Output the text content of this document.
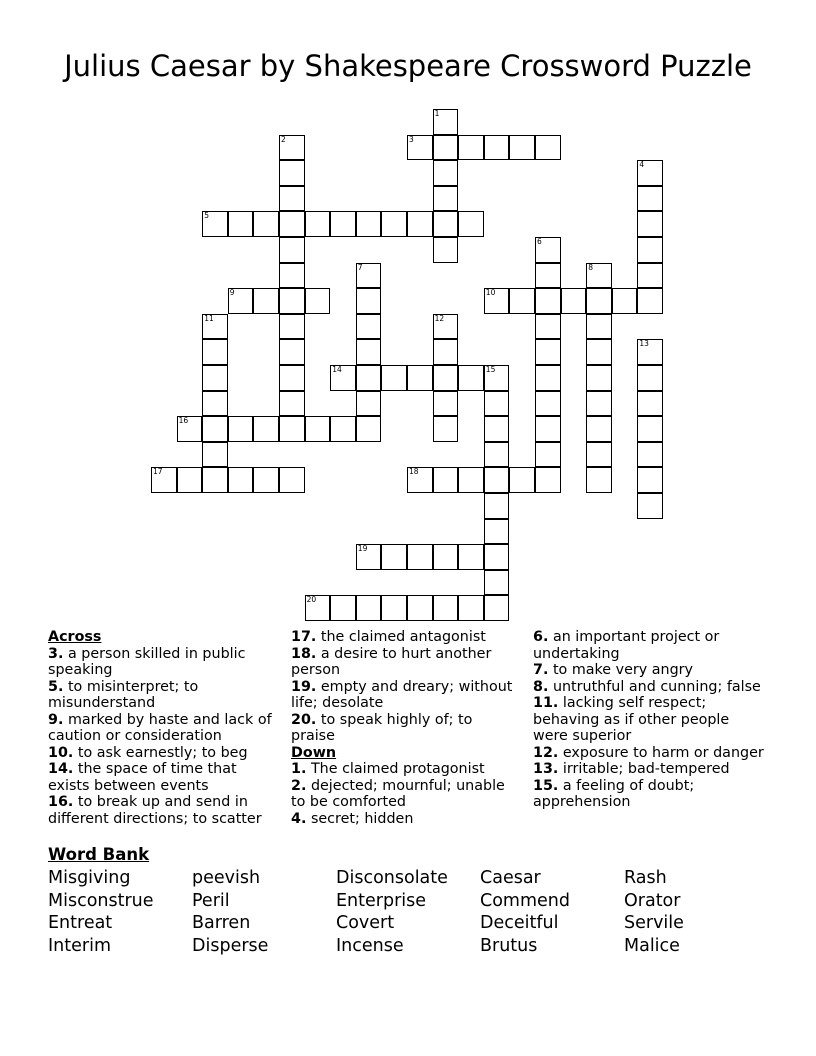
Julius Caesar by Shakespeare Crossword Puzzle
1
2	3
4
5
6
7	8
9	10
11	12
13
14	15
16
17	18
19
20
Across
3. a person skilled in public speaking
5. to misinterpret; to misunderstand
9. marked by haste and lack of caution or consideration
10. to ask earnestly; to beg
14. the space of time that exists between events
16. to break up and send in different directions; to scatter
17. the claimed antagonist
18. a desire to hurt another person
19. empty and dreary; without life; desolate
20. to speak highly of; to praise
Down
1. The claimed protagonist
2. dejected; mournful; unable to be comforted
4. secret; hidden
6. an important project or undertaking
7. to make very angry
8. untruthful and cunning; false
11. lacking self respect; behaving as if other people were superior
12. exposure to harm or danger
13. irritable; bad-tempered
15. a feeling of doubt; apprehension
Word Bank
Misgiving
Misconstrue
Entreat
Interim
peevish
Peril
Barren
Disperse
Disconsolate
Enterprise
Covert
Incense
Caesar
Commend
Deceitful
Brutus
Rash
Orator
Servile
Malice
